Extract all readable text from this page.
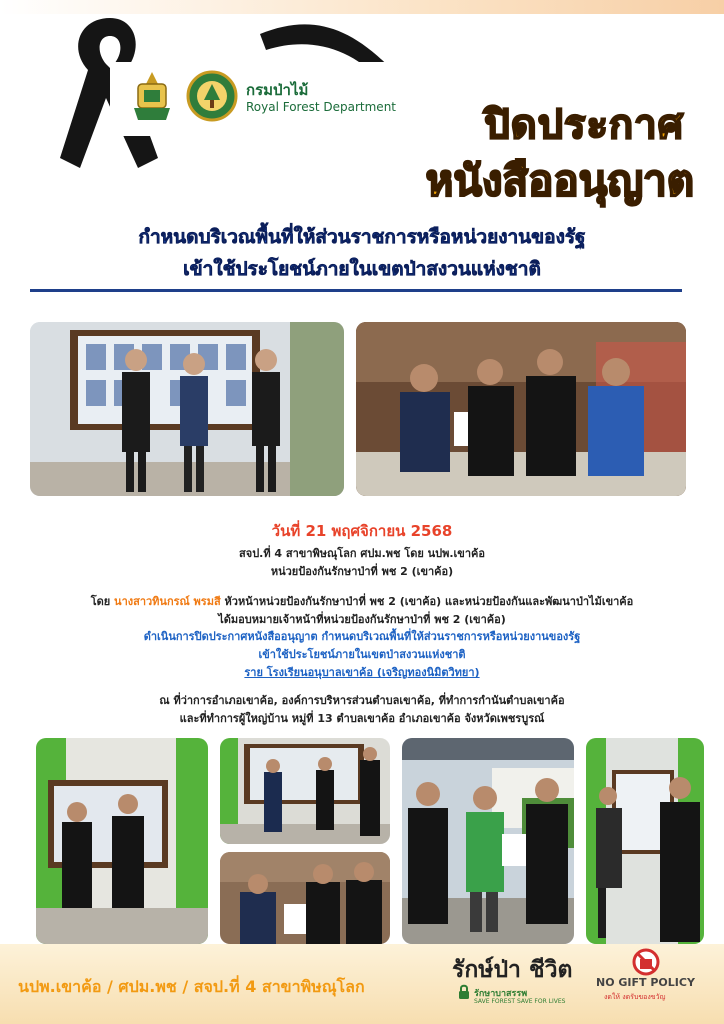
กรมป่าไม้
Royal Forest Department ปิดประกาศ
หนังสืออนุญาต
กำหนดบริเวณพื้นที่ให้ส่วนราชการหรือหน่วยงานของรัฐ
เข้าใช้ประโยชน์ภายในเขตป่าสงวนแห่งชาติ
วันที่ 21 พฤศจิกายน 2568
สจป.ที่ 4 สาขาพิษณุโลก ศปม.พช โดย นปพ.เขาค้อ
หน่วยป้องกันรักษาป่าที่ พช 2 (เขาค้อ)
โดย นางสาวทินกรณ์ พรมสี หัวหน้าหน่วยป้องกันรักษาป่าที่ พช 2 (เขาค้อ) และหน่วยป้องกันและพัฒนาป่าไม้เขาค้อ
ได้มอบหมายเจ้าหน้าที่หน่วยป้องกันรักษาป่าที่ พช 2 (เขาค้อ)
ดำเนินการปิดประกาศหนังสืออนุญาต กำหนดบริเวณพื้นที่ให้ส่วนราชการหรือหน่วยงานของรัฐ
เข้าใช้ประโยชน์ภายในเขตป่าสงวนแห่งชาติ
ราย โรงเรียนอนุบาลเขาค้อ (เจริญทองนิมิตวิทยา)
ณ ที่ว่าการอำเภอเขาค้อ, องค์การบริหารส่วนตำบลเขาค้อ, ที่ทำการกำนันตำบลเขาค้อ
และที่ทำการผู้ใหญ่บ้าน หมู่ที่ 13 ตำบลเขาค้อ อำเภอเขาค้อ จังหวัดเพชรบูรณ์
นปพ.เขาค้อ / ศปม.พช / สจป.ที่ 4 สาขาพิษณุโลก
รักษ์ป่า ชีวิต
รักษาบาสรรพ
SAVE FOREST SAVE FOR LIVES
NO GIFT POLICY
งดให้ งดรับของขวัญ
